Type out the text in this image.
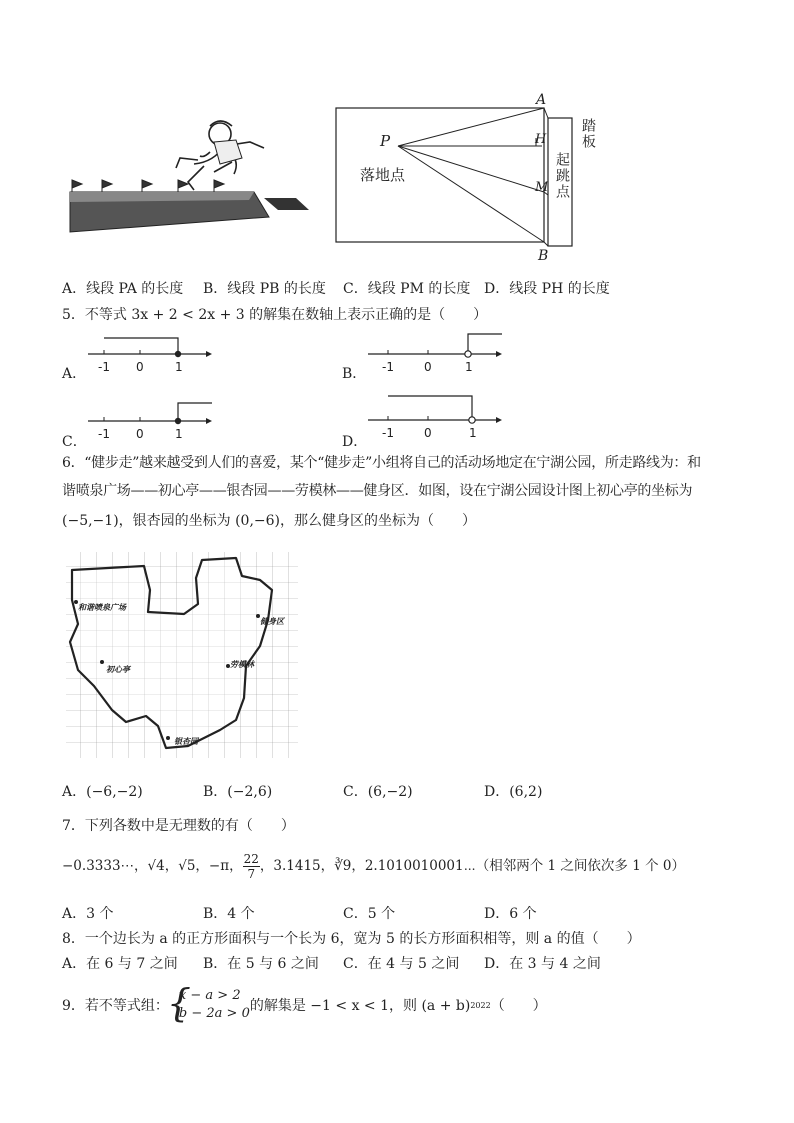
A
P	H
M
B
落地点
踏板
起跳点
A．线段 PA 的长度 B．线段 PB 的长度 C．线段 PM 的长度 D．线段 PH 的长度
5．不等式 3x + 2 < 2x + 3 的解集在数轴上表示正确的是（　　）
A． -1 0	1	B． -1	0	1
C． -1 0	1	D．
-1	0	1
6．“健步走”越来越受到人们的喜爱，某个“健步走”小组将自己的活动场地定在宁湖公园，所走路线为：和
谐喷泉广场——初心亭——银杏园——劳模林——健身区．如图，设在宁湖公园设计图上初心亭的坐标为
(−5,−1)，银杏园的坐标为 (0,−6)，那么健身区的坐标为（　　）
和谐喷泉广场
初心亭
银杏园
劳模林
健身区
A．(−6,−2)	B．(−2,6)	C．(6,−2)	D．(6,2)
7．下列各数中是无理数的有（　　）
−0.3333⋯，√4，√5，−π， $\frac{22}{7}$ ，3.1415，∛9，2.1010010001⋯（相邻两个 1 之间依次多 1 个 0）
A．3 个	B．4 个	C．5 个	D．6 个
8．一个边长为 a 的正方形面积与一个长为 6，宽为 5 的长方形面积相等，则 a 的值（　　）
A．在 6 与 7 之间 B．在 5 与 6 之间 C．在 4 与 5 之间 D．在 3 与 4 之间
9．若不等式组：
{ x − a > 2
b − 2a > 0 的解集是 −1 < x < 1，则 (a + b) 2022 （　　）
